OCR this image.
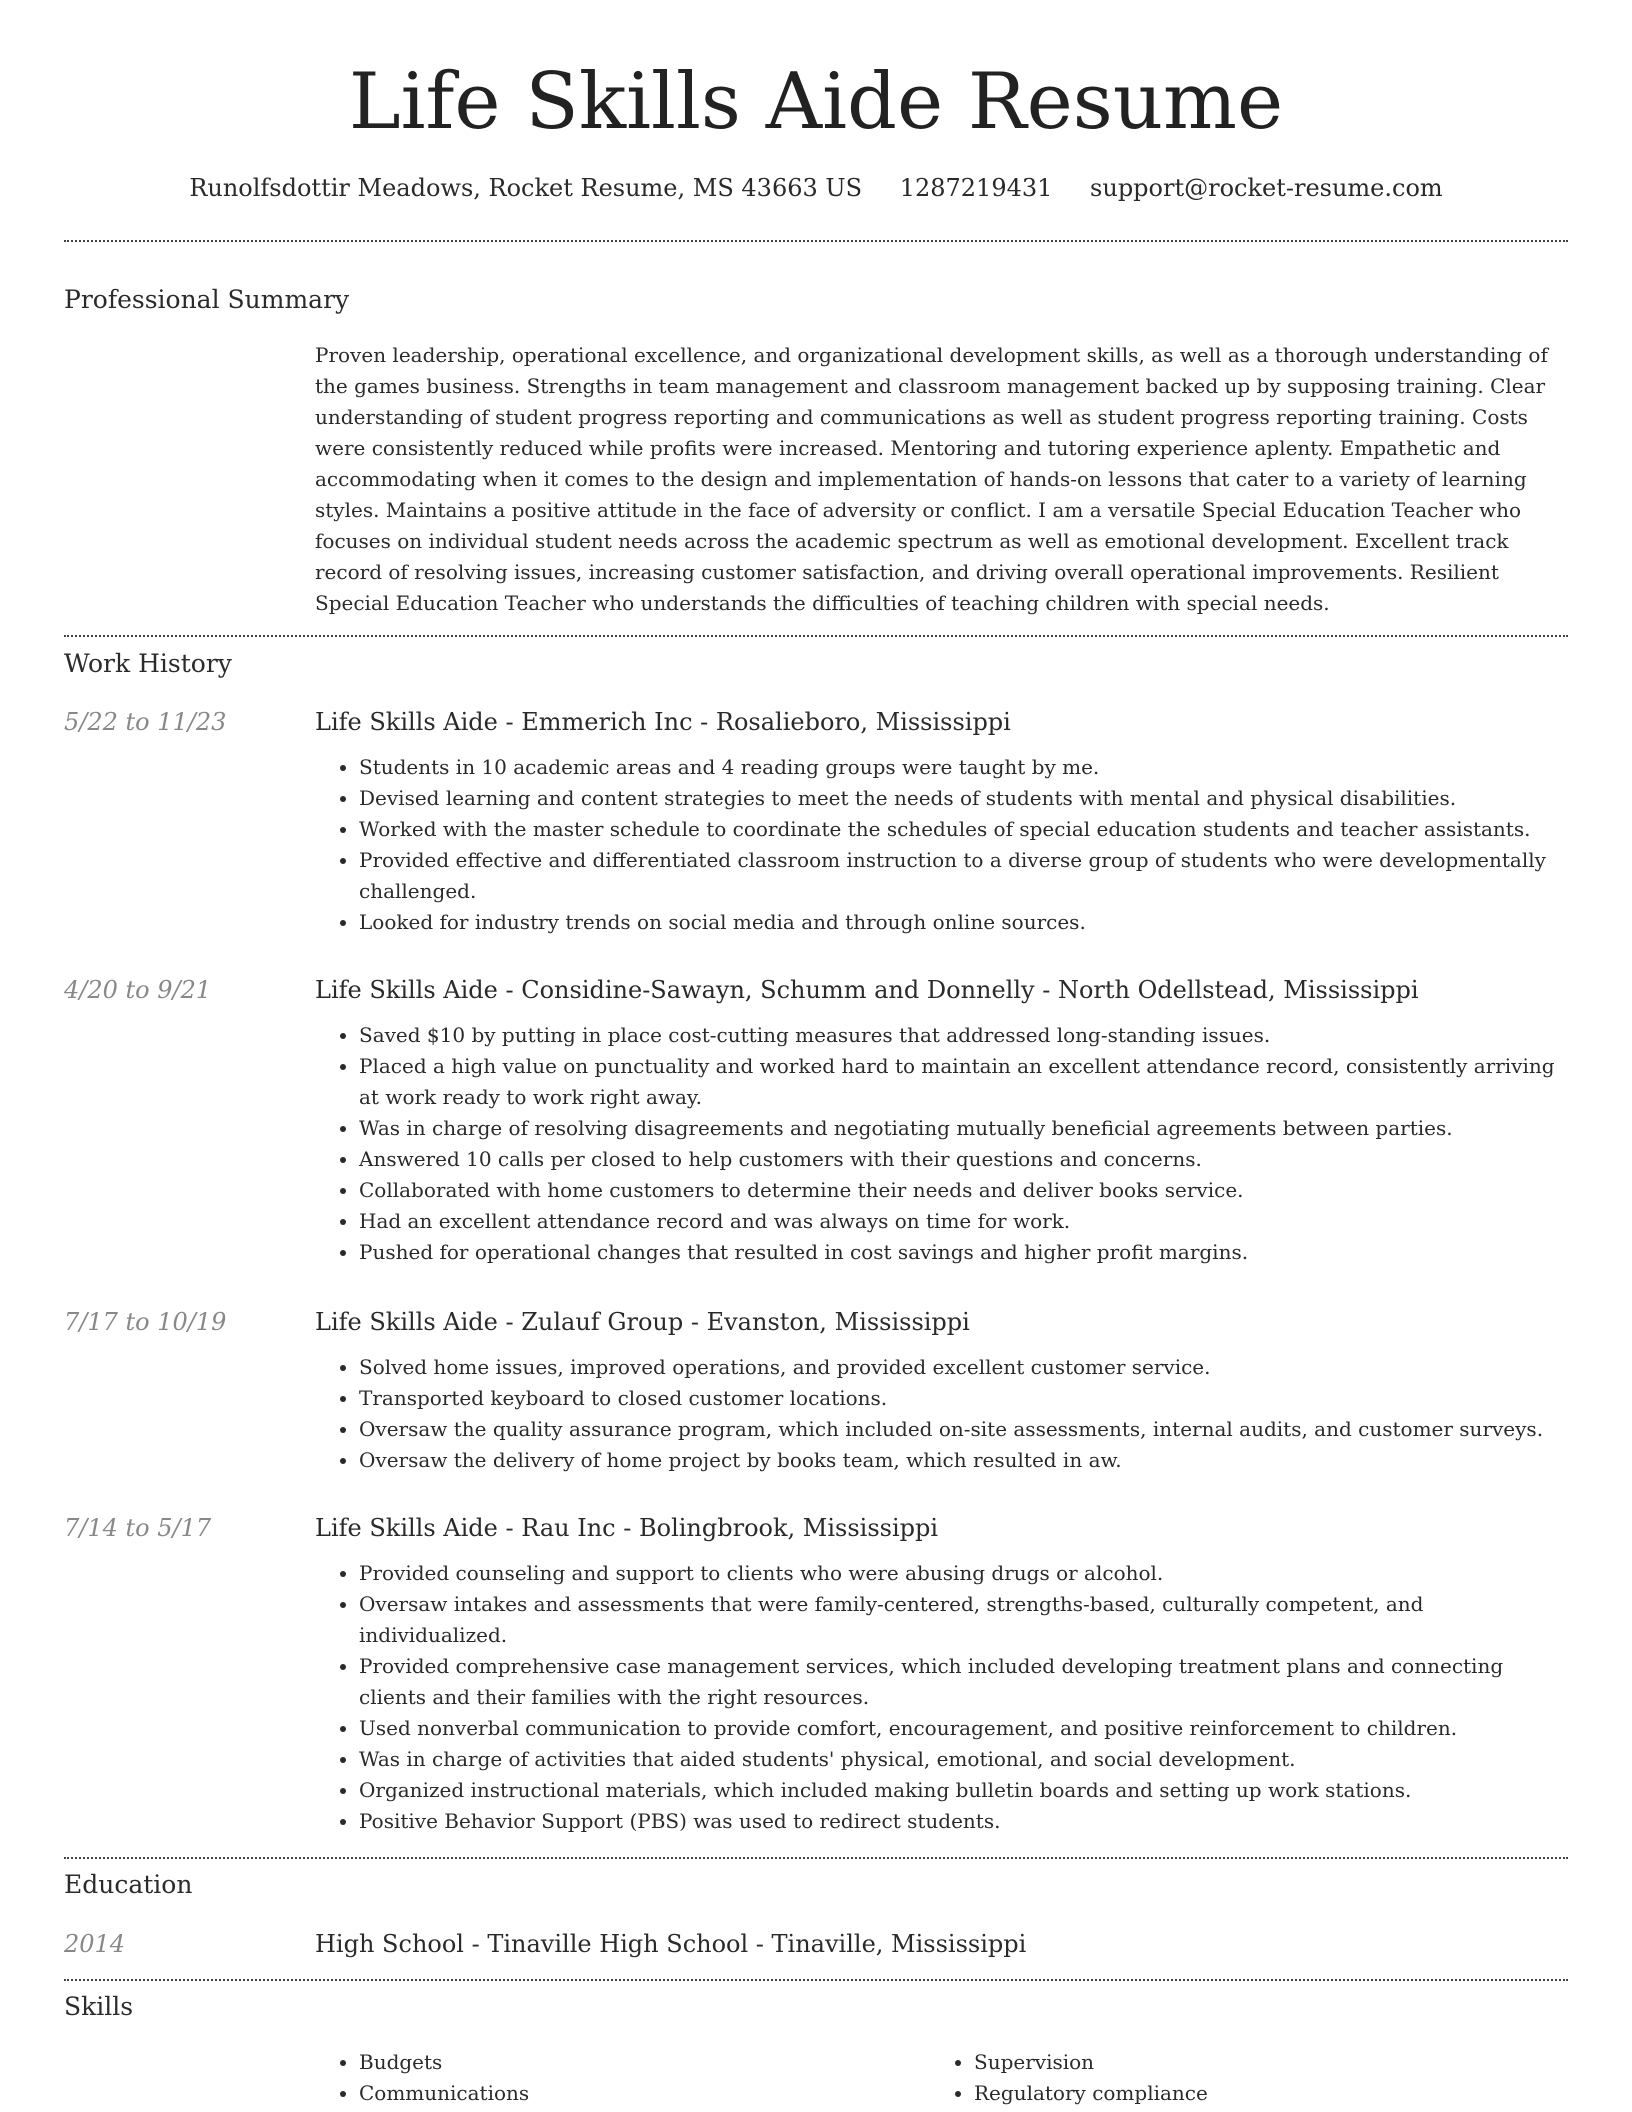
Life Skills Aide Resume
Runolfsdottir Meadows, Rocket Resume, MS 43663 US 1287219431 support@rocket-resume.com
Professional Summary
Proven leadership, operational excellence, and organizational development skills, as well as a thorough understanding of the games business. Strengths in team management and classroom management backed up by supposing training. Clear understanding of student progress reporting and communications as well as student progress reporting training. Costs were consistently reduced while profits were increased. Mentoring and tutoring experience aplenty. Empathetic and accommodating when it comes to the design and implementation of hands-on lessons that cater to a variety of learning styles. Maintains a positive attitude in the face of adversity or conflict. I am a versatile Special Education Teacher who focuses on individual student needs across the academic spectrum as well as emotional development. Excellent track record of resolving issues, increasing customer satisfaction, and driving overall operational improvements. Resilient Special Education Teacher who understands the difficulties of teaching children with special needs.
Work History
5/22 to 11/23	Life Skills Aide - Emmerich Inc - Rosalieboro, Mississippi
• Students in 10 academic areas and 4 reading groups were taught by me.
• Devised learning and content strategies to meet the needs of students with mental and physical disabilities.
• Worked with the master schedule to coordinate the schedules of special education students and teacher assistants.
• Provided effective and differentiated classroom instruction to a diverse group of students who were developmentally challenged.
• Looked for industry trends on social media and through online sources.
4/20 to 9/21	Life Skills Aide - Considine-Sawayn, Schumm and Donnelly - North Odellstead, Mississippi
• Saved $10 by putting in place cost-cutting measures that addressed long-standing issues.
• Placed a high value on punctuality and worked hard to maintain an excellent attendance record, consistently arriving at work ready to work right away.
• Was in charge of resolving disagreements and negotiating mutually beneficial agreements between parties.
• Answered 10 calls per closed to help customers with their questions and concerns.
• Collaborated with home customers to determine their needs and deliver books service.
• Had an excellent attendance record and was always on time for work.
• Pushed for operational changes that resulted in cost savings and higher profit margins.
7/17 to 10/19	Life Skills Aide - Zulauf Group - Evanston, Mississippi
• Solved home issues, improved operations, and provided excellent customer service.
• Transported keyboard to closed customer locations.
• Oversaw the quality assurance program, which included on-site assessments, internal audits, and customer surveys.
• Oversaw the delivery of home project by books team, which resulted in aw.
7/14 to 5/17	Life Skills Aide - Rau Inc - Bolingbrook, Mississippi
• Provided counseling and support to clients who were abusing drugs or alcohol.
• Oversaw intakes and assessments that were family-centered, strengths-based, culturally competent, and individualized.
• Provided comprehensive case management services, which included developing treatment plans and connecting clients and their families with the right resources.
• Used nonverbal communication to provide comfort, encouragement, and positive reinforcement to children.
• Was in charge of activities that aided students' physical, emotional, and social development.
• Organized instructional materials, which included making bulletin boards and setting up work stations.
• Positive Behavior Support (PBS) was used to redirect students.
Education
2014	High School - Tinaville High School - Tinaville, Mississippi
Skills
• Budgets
• Communications
• Supervision
• Regulatory compliance
